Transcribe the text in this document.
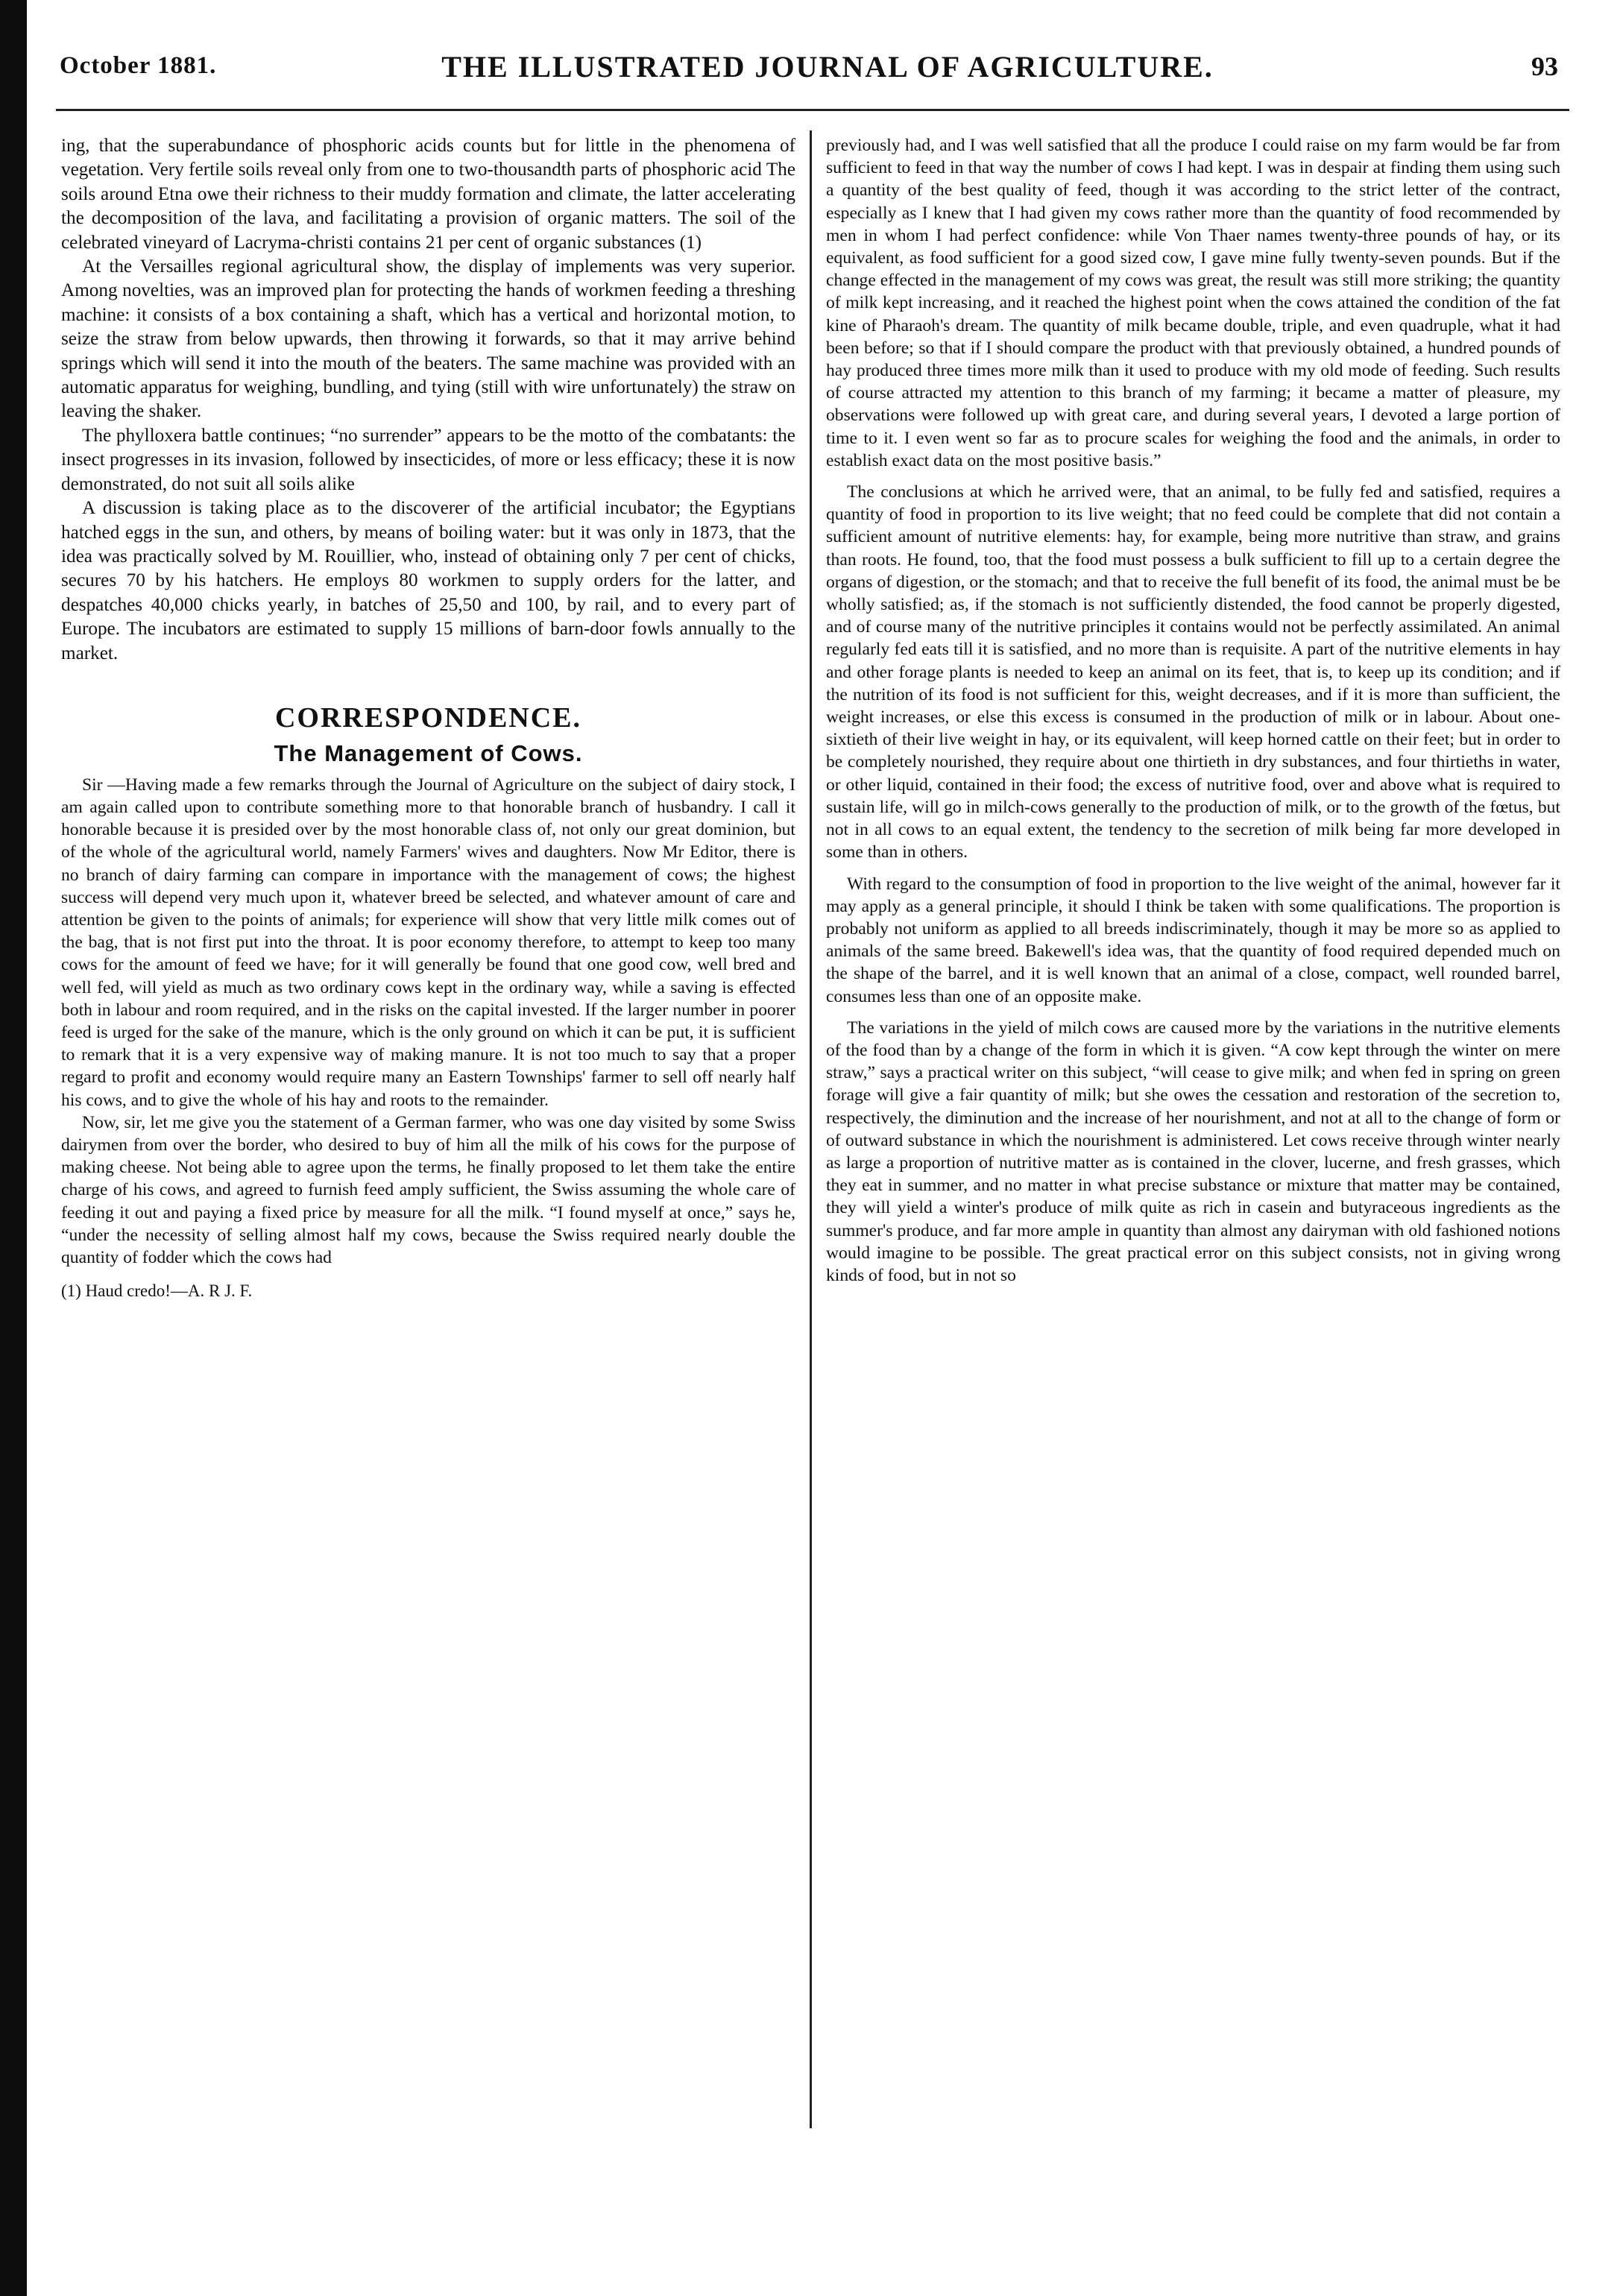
October 1881.	THE ILLUSTRATED JOURNAL OF AGRICULTURE.	93

ing, that the superabundance of phosphoric acids counts but for little in the phenomena of vegetation. Very fertile soils reveal only from one to two-thousandth parts of phosphoric acid The soils around Etna owe their richness to their muddy formation and climate, the latter accelerating the decomposition of the lava, and facilitating a provision of organic matters. The soil of the celebrated vineyard of Lacryma-christi contains 21 per cent of organic substances (1)

At the Versailles regional agricultural show, the display of implements was very superior. Among novelties, was an improved plan for protecting the hands of workmen feeding a threshing machine: it consists of a box containing a shaft, which has a vertical and horizontal motion, to seize the straw from below upwards, then throwing it forwards, so that it may arrive behind springs which will send it into the mouth of the beaters. The same machine was provided with an automatic apparatus for weighing, bundling, and tying (still with wire unfortunately) the straw on leaving the shaker.

The phylloxera battle continues; “no surrender” appears to be the motto of the combatants: the insect progresses in its invasion, followed by insecticides, of more or less efficacy; these it is now demonstrated, do not suit all soils alike

A discussion is taking place as to the discoverer of the artificial incubator; the Egyptians hatched eggs in the sun, and others, by means of boiling water: but it was only in 1873, that the idea was practically solved by M. Rouillier, who, instead of obtaining only 7 per cent of chicks, secures 70 by his hatchers. He employs 80 workmen to supply orders for the latter, and despatches 40,000 chicks yearly, in batches of 25,50 and 100, by rail, and to every part of Europe. The incubators are estimated to supply 15 millions of barn-door fowls annually to the market.

CORRESPONDENCE.
The Management of Cows.

Sir —Having made a few remarks through the Journal of Agriculture on the subject of dairy stock, I am again called upon to contribute something more to that honorable branch of husbandry. I call it honorable because it is presided over by the most honorable class of, not only our great dominion, but of the whole of the agricultural world, namely Farmers' wives and daughters. Now Mr Editor, there is no branch of dairy farming can compare in importance with the management of cows; the highest success will depend very much upon it, whatever breed be selected, and whatever amount of care and attention be given to the points of animals; for experience will show that very little milk comes out of the bag, that is not first put into the throat. It is poor economy therefore, to attempt to keep too many cows for the amount of feed we have; for it will generally be found that one good cow, well bred and well fed, will yield as much as two ordinary cows kept in the ordinary way, while a saving is effected both in labour and room required, and in the risks on the capital invested. If the larger number in poorer feed is urged for the sake of the manure, which is the only ground on which it can be put, it is sufficient to remark that it is a very expensive way of making manure. It is not too much to say that a proper regard to profit and economy would require many an Eastern Townships' farmer to sell off nearly half his cows, and to give the whole of his hay and roots to the remainder.

Now, sir, let me give you the statement of a German farmer, who was one day visited by some Swiss dairymen from over the border, who desired to buy of him all the milk of his cows for the purpose of making cheese. Not being able to agree upon the terms, he finally proposed to let them take the entire charge of his cows, and agreed to furnish feed amply sufficient, the Swiss assuming the whole care of feeding it out and paying a fixed price by measure for all the milk. “I found myself at once,” says he, “under the necessity of selling almost half my cows, because the Swiss required nearly double the quantity of fodder which the cows had

(1) Haud credo!—A. R J. F.

previously had, and I was well satisfied that all the produce I could raise on my farm would be far from sufficient to feed in that way the number of cows I had kept. I was in despair at finding them using such a quantity of the best quality of feed, though it was according to the strict letter of the contract, especially as I knew that I had given my cows rather more than the quantity of food recommended by men in whom I had perfect confidence: while Von Thaer names twenty-three pounds of hay, or its equivalent, as food sufficient for a good sized cow, I gave mine fully twenty-seven pounds. But if the change effected in the management of my cows was great, the result was still more striking; the quantity of milk kept increasing, and it reached the highest point when the cows attained the condition of the fat kine of Pharaoh's dream. The quantity of milk became double, triple, and even quadruple, what it had been before; so that if I should compare the product with that previously obtained, a hundred pounds of hay produced three times more milk than it used to produce with my old mode of feeding. Such results of course attracted my attention to this branch of my farming; it became a matter of pleasure, my observations were followed up with great care, and during several years, I devoted a large portion of time to it. I even went so far as to procure scales for weighing the food and the animals, in order to establish exact data on the most positive basis.”

The conclusions at which he arrived were, that an animal, to be fully fed and satisfied, requires a quantity of food in proportion to its live weight; that no feed could be complete that did not contain a sufficient amount of nutritive elements: hay, for example, being more nutritive than straw, and grains than roots. He found, too, that the food must possess a bulk sufficient to fill up to a certain degree the organs of digestion, or the stomach; and that to receive the full benefit of its food, the animal must be be wholly satisfied; as, if the stomach is not sufficiently distended, the food cannot be properly digested, and of course many of the nutritive principles it contains would not be perfectly assimilated. An animal regularly fed eats till it is satisfied, and no more than is requisite. A part of the nutritive elements in hay and other forage plants is needed to keep an animal on its feet, that is, to keep up its condition; and if the nutrition of its food is not sufficient for this, weight decreases, and if it is more than sufficient, the weight increases, or else this excess is consumed in the production of milk or in labour. About one-sixtieth of their live weight in hay, or its equivalent, will keep horned cattle on their feet; but in order to be completely nourished, they require about one thirtieth in dry substances, and four thirtieths in water, or other liquid, contained in their food; the excess of nutritive food, over and above what is required to sustain life, will go in milch-cows generally to the production of milk, or to the growth of the fœtus, but not in all cows to an equal extent, the tendency to the secretion of milk being far more developed in some than in others.

With regard to the consumption of food in proportion to the live weight of the animal, however far it may apply as a general principle, it should I think be taken with some qualifications. The proportion is probably not uniform as applied to all breeds indiscriminately, though it may be more so as applied to animals of the same breed. Bakewell's idea was, that the quantity of food required depended much on the shape of the barrel, and it is well known that an animal of a close, compact, well rounded barrel, consumes less than one of an opposite make.

The variations in the yield of milch cows are caused more by the variations in the nutritive elements of the food than by a change of the form in which it is given. “A cow kept through the winter on mere straw,” says a practical writer on this subject, “will cease to give milk; and when fed in spring on green forage will give a fair quantity of milk; but she owes the cessation and restoration of the secretion to, respectively, the diminution and the increase of her nourishment, and not at all to the change of form or of outward substance in which the nourishment is administered. Let cows receive through winter nearly as large a proportion of nutritive matter as is contained in the clover, lucerne, and fresh grasses, which they eat in summer, and no matter in what precise substance or mixture that matter may be contained, they will yield a winter's produce of milk quite as rich in casein and butyraceous ingredients as the summer's produce, and far more ample in quantity than almost any dairyman with old fashioned notions would imagine to be possible. The great practical error on this subject consists, not in giving wrong kinds of food, but in not so
